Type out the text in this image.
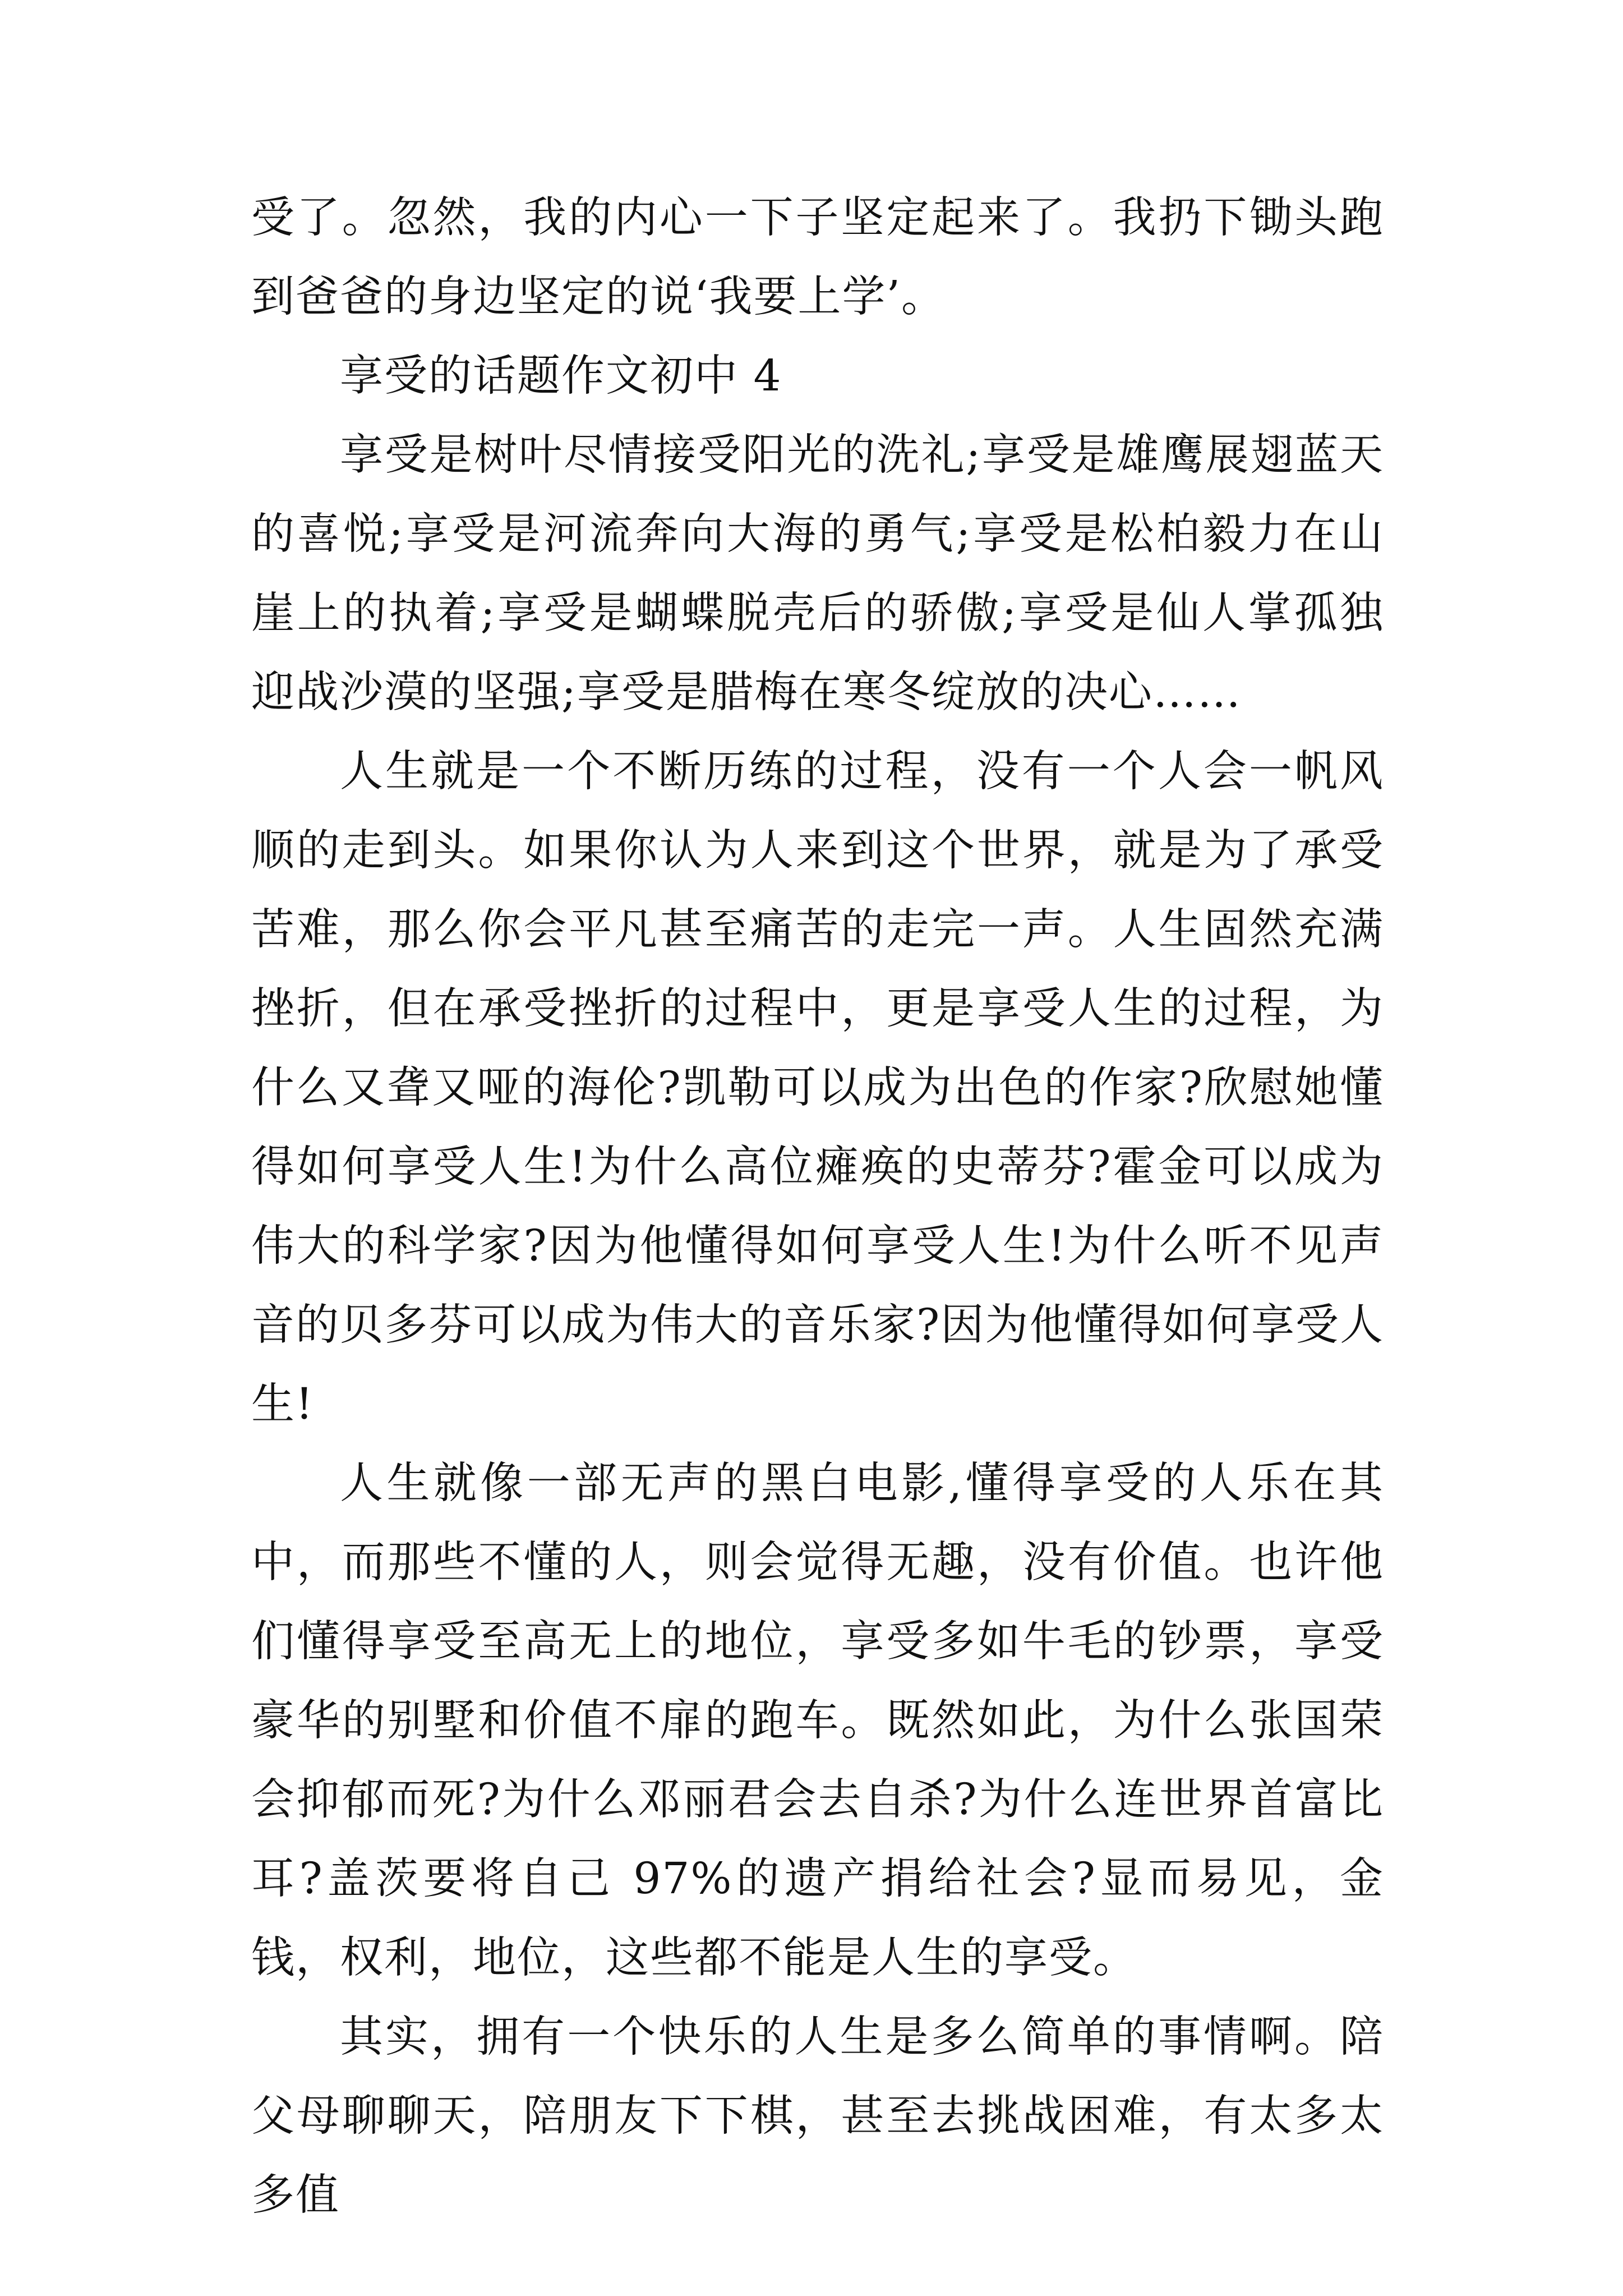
受了。忽然，我的内心一下子坚定起来了。我扔下锄头跑到爸爸的身边坚定的说‘我要上学’。

享受的话题作文初中 4

享受是树叶尽情接受阳光的洗礼;享受是雄鹰展翅蓝天的喜悦;享受是河流奔向大海的勇气;享受是松柏毅力在山崖上的执着;享受是蝴蝶脱壳后的骄傲;享受是仙人掌孤独迎战沙漠的坚强;享受是腊梅在寒冬绽放的决心……

人生就是一个不断历练的过程，没有一个人会一帆风顺的走到头。如果你认为人来到这个世界，就是为了承受苦难，那么你会平凡甚至痛苦的走完一声。人生固然充满挫折，但在承受挫折的过程中，更是享受人生的过程，为什么又聋又哑的海伦?凯勒可以成为出色的作家?欣慰她懂得如何享受人生!为什么高位瘫痪的史蒂芬?霍金可以成为伟大的科学家?因为他懂得如何享受人生!为什么听不见声音的贝多芬可以成为伟大的音乐家?因为他懂得如何享受人生!

人生就像一部无声的黑白电影,懂得享受的人乐在其中，而那些不懂的人，则会觉得无趣，没有价值。也许他们懂得享受至高无上的地位，享受多如牛毛的钞票，享受豪华的别墅和价值不扉的跑车。既然如此，为什么张国荣会抑郁而死?为什么邓丽君会去自杀?为什么连世界首富比耳?盖茨要将自己 97%的遗产捐给社会?显而易见，金钱，权利，地位，这些都不能是人生的享受。

其实，拥有一个快乐的人生是多么简单的事情啊。陪父母聊聊天，陪朋友下下棋，甚至去挑战困难，有太多太多值
